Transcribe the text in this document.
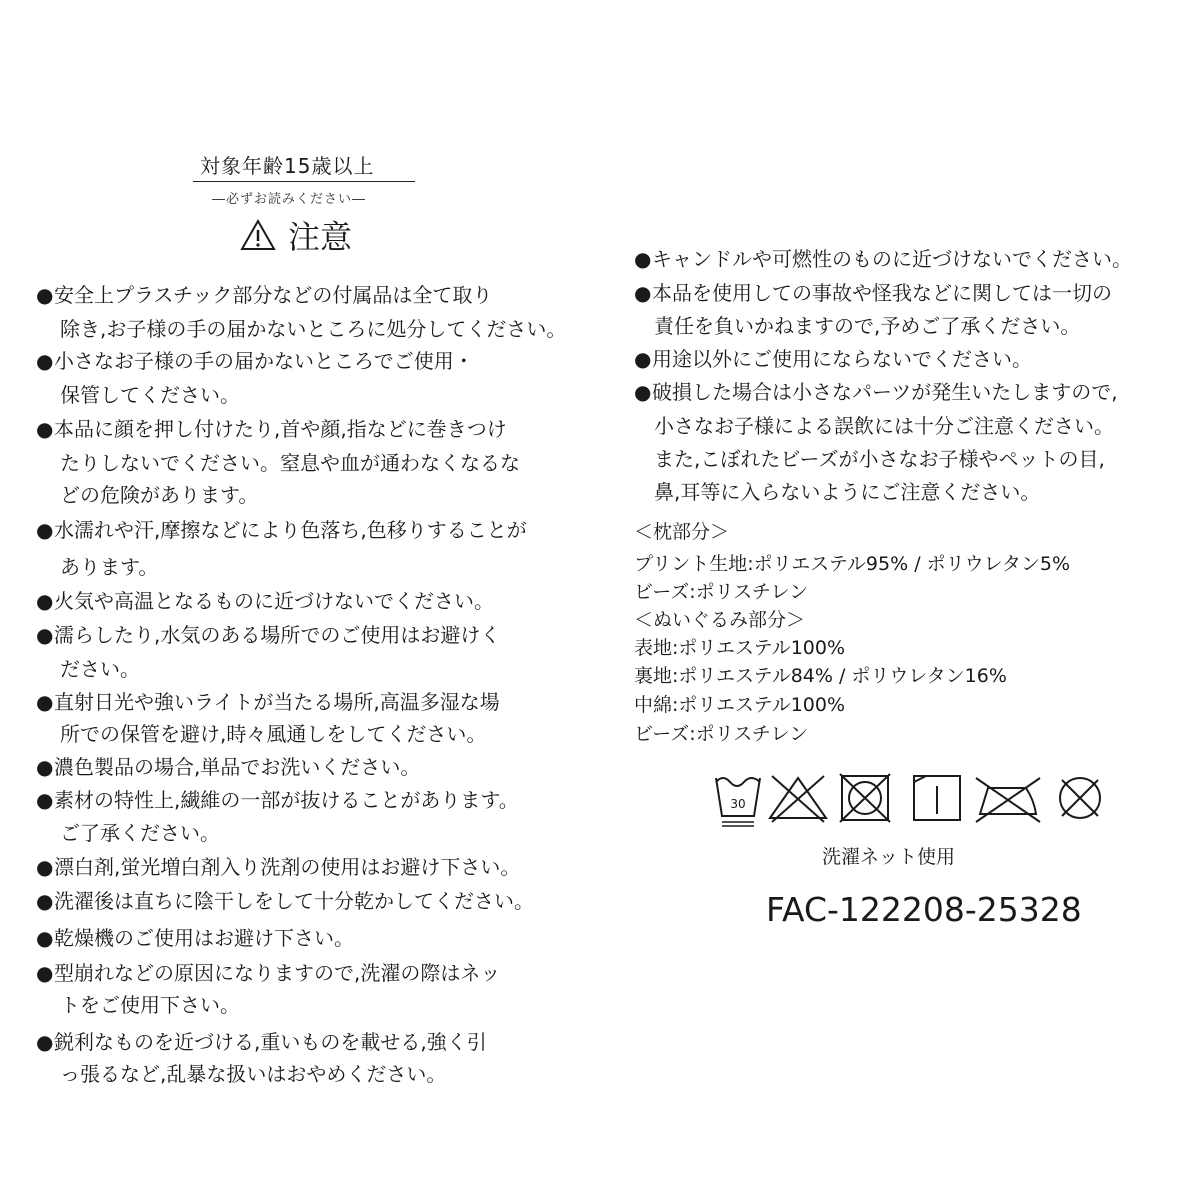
対象年齢15歳以上
―必ずお読みください―
注意
●安全上プラスチック部分などの付属品は全て取り
除き,お子様の手の届かないところに処分してください。
●小さなお子様の手の届かないところでご使用・
保管してください。
●本品に顔を押し付けたり,首や顔,指などに巻きつけ
たりしないでください。窒息や血が通わなくなるな
どの危険があります。
●水濡れや汗,摩擦などにより色落ち,色移りすることが
あります。
●火気や高温となるものに近づけないでください。
●濡らしたり,水気のある場所でのご使用はお避けく
ださい。
●直射日光や強いライトが当たる場所,高温多湿な場
所での保管を避け,時々風通しをしてください。
●濃色製品の場合,単品でお洗いください。
●素材の特性上,繊維の一部が抜けることがあります。
ご了承ください。
●漂白剤,蛍光増白剤入り洗剤の使用はお避け下さい。
●洗濯後は直ちに陰干しをして十分乾かしてください。
●乾燥機のご使用はお避け下さい。
●型崩れなどの原因になりますので,洗濯の際はネッ
トをご使用下さい。
●鋭利なものを近づける,重いものを載せる,強く引
っ張るなど,乱暴な扱いはおやめください。
●キャンドルや可燃性のものに近づけないでください。
●本品を使用しての事故や怪我などに関しては一切の
責任を負いかねますので,予めご了承ください。
●用途以外にご使用にならないでください。
●破損した場合は小さなパーツが発生いたしますので,
小さなお子様による誤飲には十分ご注意ください。
また,こぼれたビーズが小さなお子様やペットの目,
鼻,耳等に入らないようにご注意ください。
＜枕部分＞
プリント生地:ポリエステル95% / ポリウレタン5%
ビーズ:ポリスチレン
＜ぬいぐるみ部分＞
表地:ポリエステル100%
裏地:ポリエステル84% / ポリウレタン16%
中綿:ポリエステル100%
ビーズ:ポリスチレン
30
洗濯ネット使用
FAC-122208-25328
